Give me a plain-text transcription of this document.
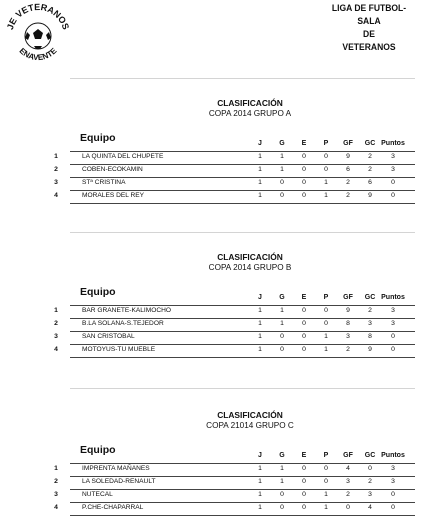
JE VETERANOS
ENAVENTE
LIGA DE FUTBOL-SALA
DE
VETERANOS
CLASIFICACIÓN
COPA 2014 GRUPO A
Equipo	J	G	E	P	GF	GC Puntos
1	LA QUINTA DEL CHUPETE	1	1	0	0	9	2	3
2	COBEN-ECOKAMIN	1	1	0	0	6	2	3
3	STª CRISTINA	1	0	0	1	2	6	0
4	MORALES DEL REY	1	0	0	1	2	9	0
CLASIFICACIÓN
COPA 2014 GRUPO B
Equipo	J	G	E	P	GF	GC Puntos
1	BAR GRANETE-KALIMOCHO	1	1	0	0	9	2	3
2	B.LA SOLANA-S.TEJEDOR	1	1	0	0	8	3	3
3	SAN CRISTOBAL	1	0	0	1	3	8	0
4	MOTOYUS-TU MUEBLE	1	0	0	1	2	9	0
CLASIFICACIÓN
COPA 21014 GRUPO C
Equipo	J	G	E	P	GF	GC Puntos
1	IMPRENTA MAÑANES	1	1	0	0	4	0	3
2	LA SOLEDAD-RENAULT	1	1	0	0	3	2	3
3	NUTECAL	1	0	0	1	2	3	0
4	P.CHE-CHAPARRAL	1	0	0	1	0	4	0
